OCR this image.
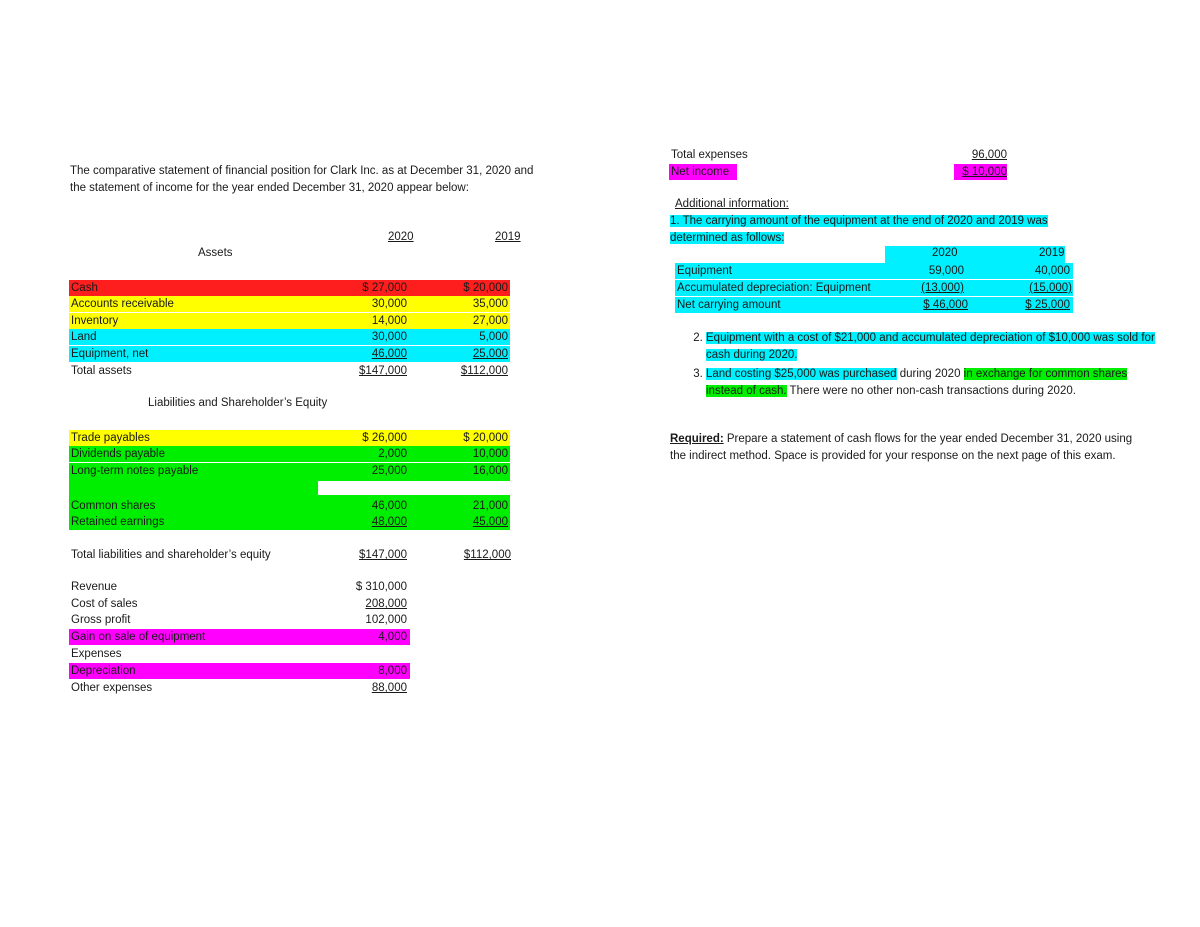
The comparative statement of financial position for Clark Inc. as at December 31, 2020 and the statement of income for the year ended December 31, 2020 appear below:
2020	2019
Assets
Cash	$ 27,000	$ 20,000
Accounts receivable	30,000	35,000
Inventory	14,000	27,000
Land	30,000	5,000
Equipment, net	46,000	25,000
Total assets	$147,000	$112,000
Liabilities and Shareholder’s Equity
Trade payables	$ 26,000	$ 20,000
Dividends payable	2,000	10,000
Long-term notes payable	25,000	16,000
Common shares	46,000	21,000
Retained earnings	48,000	45,000
Total liabilities and shareholder’s equity	$147,000	$112,000
Revenue	$ 310,000
Cost of sales	208,000
Gross profit	102,000
Gain on sale of equipment	4,000
Expenses
Depreciation	8,000
Other expenses	88,000
Total expenses	96,000
Net income	$ 10,000
Additional information:
1. The carrying amount of the equipment at the end of 2020 and 2019 was determined as follows:
2020	2019
Equipment	59,000	40,000
Accumulated depreciation: Equipment	(13,000)	(15,000)
Net carrying amount	$ 46,000	$ 25,000
2. Equipment with a cost of $21,000 and accumulated depreciation of $10,000 was sold for cash during 2020.
3. Land costing $25,000 was purchased during 2020 in exchange for common shares instead of cash. There were no other non-cash transactions during 2020.
Required: Prepare a statement of cash flows for the year ended December 31, 2020 using the indirect method. Space is provided for your response on the next page of this exam.
